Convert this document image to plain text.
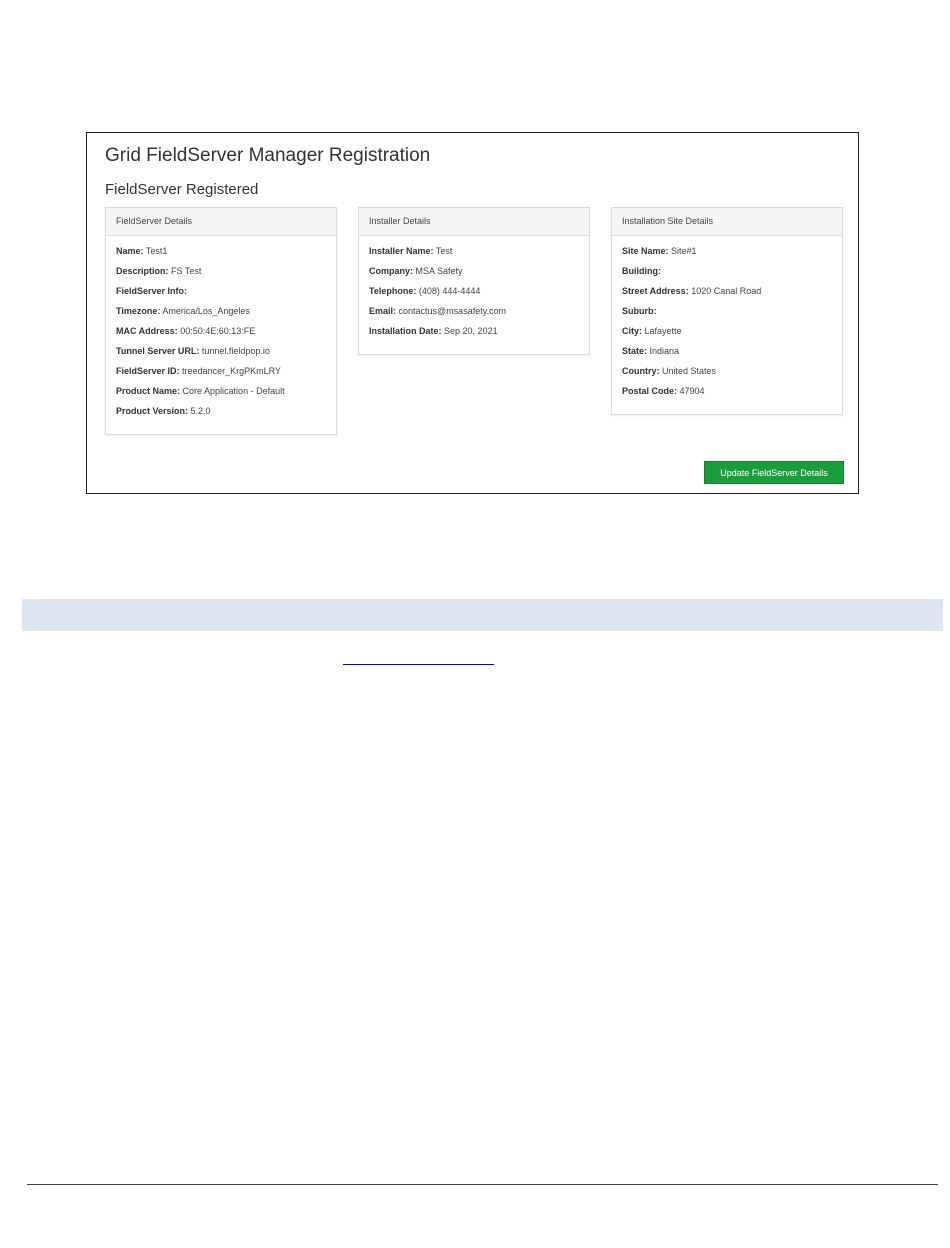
Grid FieldServer Manager Registration
FieldServer Registered
FieldServer Details
Name: Test1
Description: FS Test
FieldServer Info:
Timezone: America/Los_Angeles
MAC Address: 00:50:4E:60:13:FE
Tunnel Server URL: tunnel.fieldpop.io
FieldServer ID: treedancer_KrgPKmLRY
Product Name: Core Application - Default
Product Version: 5.2.0
Installer Details
Installer Name: Test
Company: MSA Safety
Telephone: (408) 444-4444
Email: contactus@msasafety.com
Installation Date: Sep 20, 2021
Installation Site Details
Site Name: Site#1
Building:
Street Address: 1020 Canal Road
Suburb:
City: Lafayette
State: Indiana
Country: United States
Postal Code: 47904
Update FieldServer Details
